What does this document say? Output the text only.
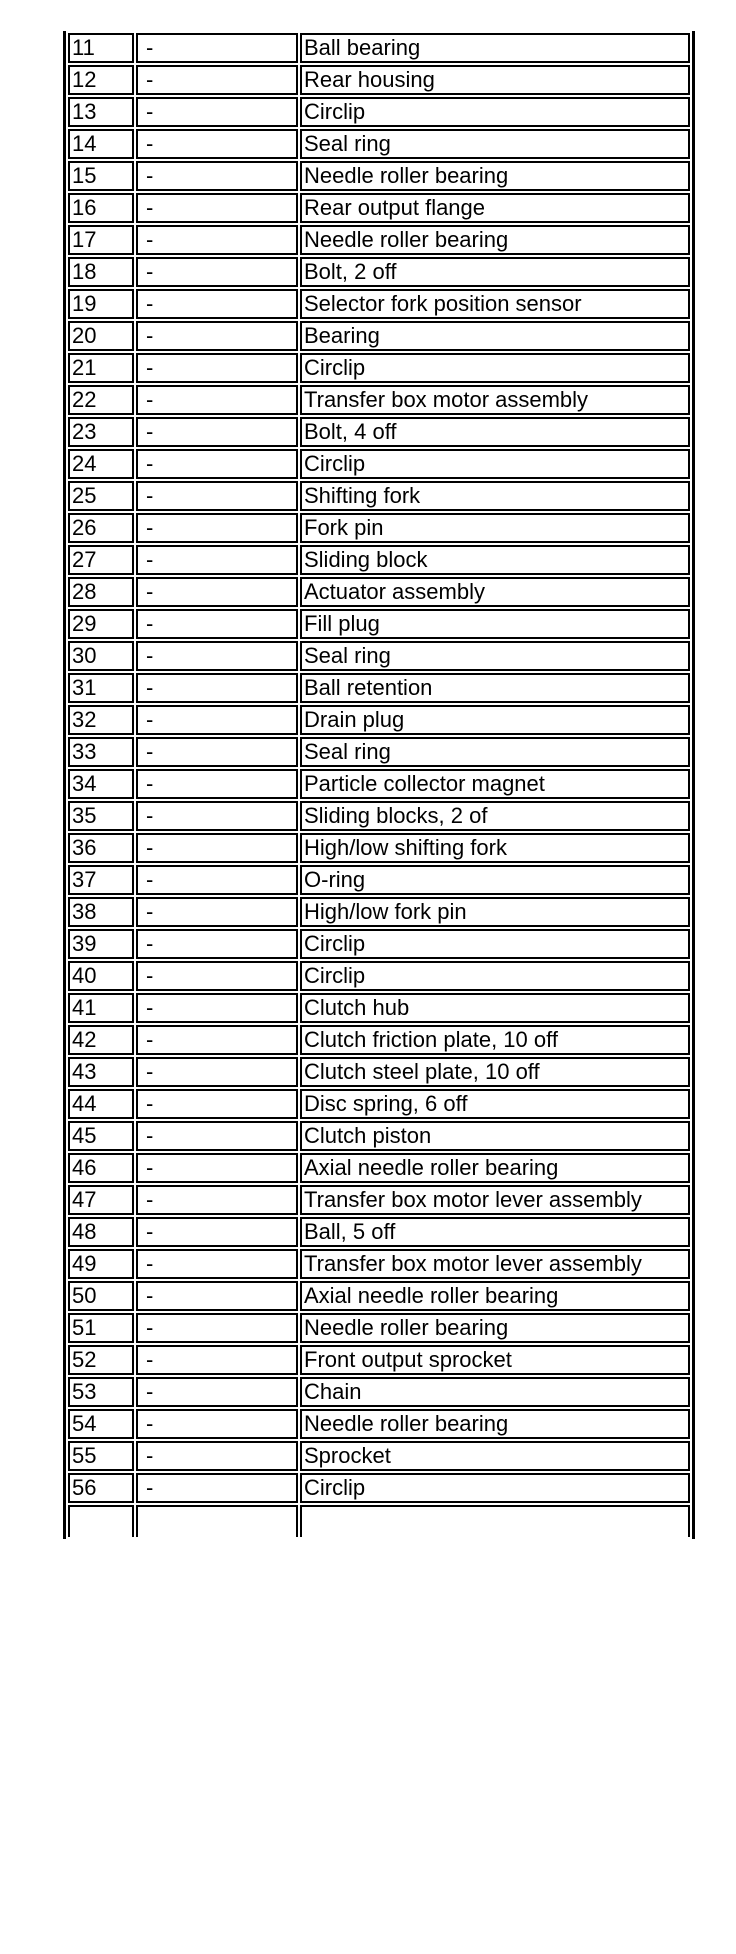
11	-	Ball bearing
12	-	Rear housing
13	-	Circlip
14	-	Seal ring
15	-	Needle roller bearing
16	-	Rear output flange
17	-	Needle roller bearing
18	-	Bolt, 2 off
19	-	Selector fork position sensor
20	-	Bearing
21	-	Circlip
22	-	Transfer box motor assembly
23	-	Bolt, 4 off
24	-	Circlip
25	-	Shifting fork
26	-	Fork pin
27	-	Sliding block
28	-	Actuator assembly
29	-	Fill plug
30	-	Seal ring
31	-	Ball retention
32	-	Drain plug
33	-	Seal ring
34	-	Particle collector magnet
35	-	Sliding blocks, 2 of
36	-	High/low shifting fork
37	-	O-ring
38	-	High/low fork pin
39	-	Circlip
40	-	Circlip
41	-	Clutch hub
42	-	Clutch friction plate, 10 off
43	-	Clutch steel plate, 10 off
44	-	Disc spring, 6 off
45	-	Clutch piston
46	-	Axial needle roller bearing
47	-	Transfer box motor lever assembly
48	-	Ball, 5 off
49	-	Transfer box motor lever assembly
50	-	Axial needle roller bearing
51	-	Needle roller bearing
52	-	Front output sprocket
53	-	Chain
54	-	Needle roller bearing
55	-	Sprocket
56	-	Circlip
